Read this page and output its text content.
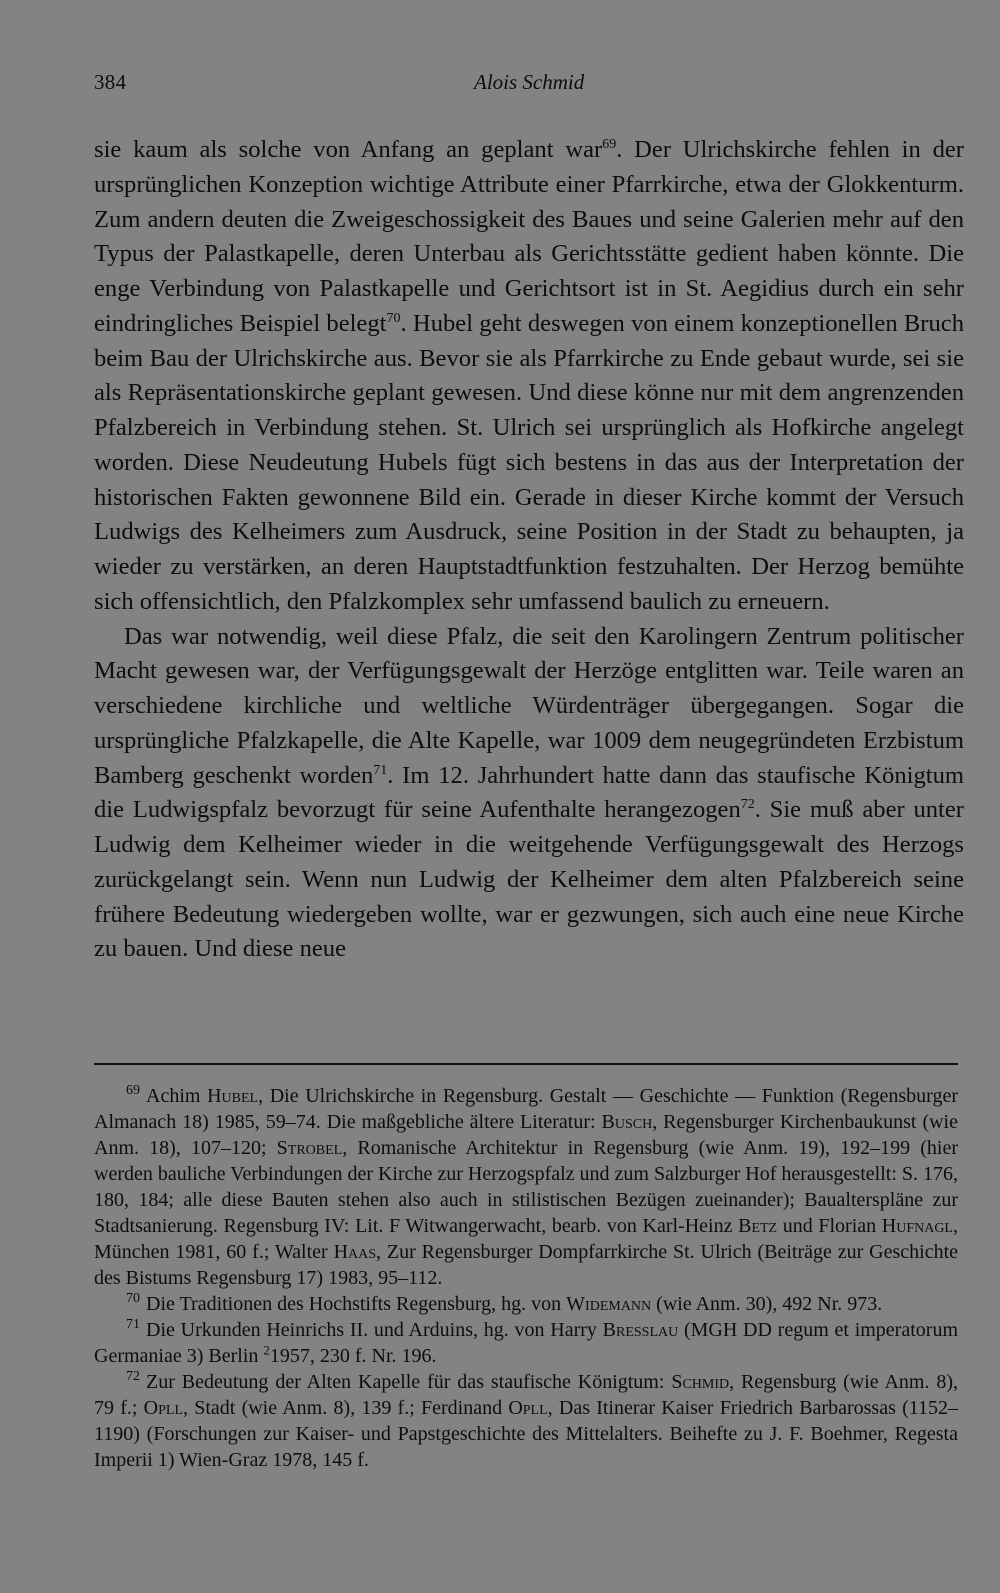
384	Alois Schmid

sie kaum als solche von Anfang an geplant war$^{69}$. Der Ulrichskirche fehlen in der ursprünglichen Konzeption wichtige Attribute einer Pfarrkirche, etwa der Glokkenturm. Zum andern deuten die Zweigeschossigkeit des Baues und seine Galerien mehr auf den Typus der Palastkapelle, deren Unterbau als Gerichtsstätte gedient haben könnte. Die enge Verbindung von Palastkapelle und Gerichtsort ist in St. Aegidius durch ein sehr eindringliches Beispiel belegt$^{70}$. Hubel geht deswegen von einem konzeptionellen Bruch beim Bau der Ulrichskirche aus. Bevor sie als Pfarrkirche zu Ende gebaut wurde, sei sie als Repräsentationskirche geplant gewesen. Und diese könne nur mit dem angrenzenden Pfalzbereich in Verbindung stehen. St. Ulrich sei ursprünglich als Hofkirche angelegt worden. Diese Neudeutung Hubels fügt sich bestens in das aus der Interpretation der historischen Fakten gewonnene Bild ein. Gerade in dieser Kirche kommt der Versuch Ludwigs des Kelheimers zum Ausdruck, seine Position in der Stadt zu behaupten, ja wieder zu verstärken, an deren Hauptstadtfunktion festzuhalten. Der Herzog bemühte sich offensichtlich, den Pfalzkomplex sehr umfassend baulich zu erneuern.

Das war notwendig, weil diese Pfalz, die seit den Karolingern Zentrum politischer Macht gewesen war, der Verfügungsgewalt der Herzöge entglitten war. Teile waren an verschiedene kirchliche und weltliche Würdenträger übergegangen. Sogar die ursprüngliche Pfalzkapelle, die Alte Kapelle, war 1009 dem neugegründeten Erzbistum Bamberg geschenkt worden$^{71}$. Im 12. Jahrhundert hatte dann das staufische Königtum die Ludwigspfalz bevorzugt für seine Aufenthalte herangezogen$^{72}$. Sie muß aber unter Ludwig dem Kelheimer wieder in die weitgehende Verfügungsgewalt des Herzogs zurückgelangt sein. Wenn nun Ludwig der Kelheimer dem alten Pfalzbereich seine frühere Bedeutung wiedergeben wollte, war er gezwungen, sich auch eine neue Kirche zu bauen. Und diese neue

69 Achim Hubel, Die Ulrichskirche in Regensburg. Gestalt — Geschichte — Funktion (Regensburger Almanach 18) 1985, 59–74. Die maßgebliche ältere Literatur: Busch, Regensburger Kirchenbaukunst (wie Anm. 18), 107–120; Strobel, Romanische Architektur in Regensburg (wie Anm. 19), 192–199 (hier werden bauliche Verbindungen der Kirche zur Herzogspfalz und zum Salzburger Hof herausgestellt: S. 176, 180, 184; alle diese Bauten stehen also auch in stilistischen Bezügen zueinander); Baualterspläne zur Stadtsanierung. Regensburg IV: Lit. F Witwangerwacht, bearb. von Karl-Heinz Betz und Florian Hufnagl, München 1981, 60 f.; Walter Haas, Zur Regensburger Dompfarrkirche St. Ulrich (Beiträge zur Geschichte des Bistums Regensburg 17) 1983, 95–112.

70 Die Traditionen des Hochstifts Regensburg, hg. von Widemann (wie Anm. 30), 492 Nr. 973.

71 Die Urkunden Heinrichs II. und Arduins, hg. von Harry Bresslau (MGH DD regum et imperatorum Germaniae 3) Berlin $^2$1957, 230 f. Nr. 196.

72 Zur Bedeutung der Alten Kapelle für das staufische Königtum: Schmid, Regensburg (wie Anm. 8), 79 f.; Opll, Stadt (wie Anm. 8), 139 f.; Ferdinand Opll, Das Itinerar Kaiser Friedrich Barbarossas (1152–1190) (Forschungen zur Kaiser- und Papstgeschichte des Mittelalters. Beihefte zu J. F. Boehmer, Regesta Imperii 1) Wien-Graz 1978, 145 f.
